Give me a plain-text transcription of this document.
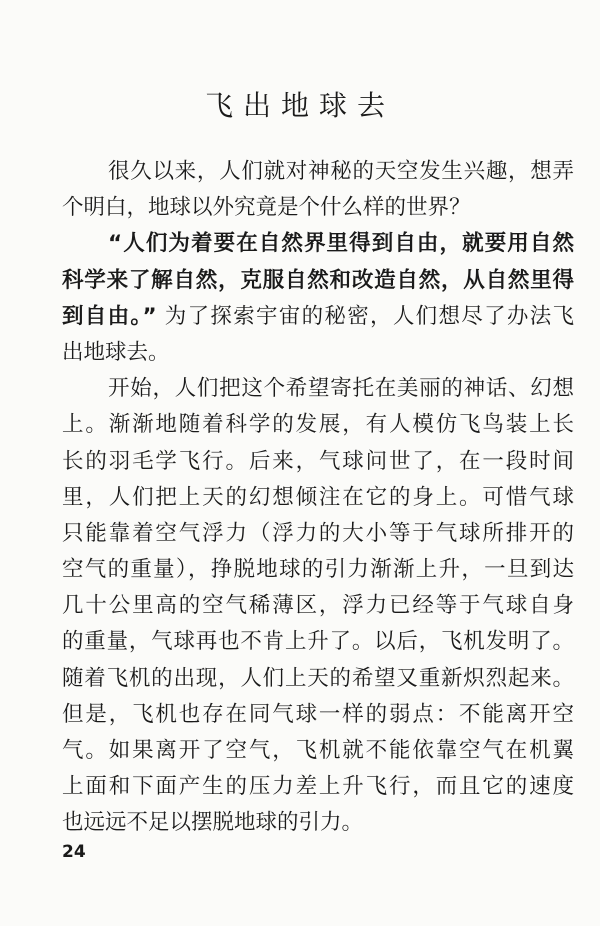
飞出地球去
很久以来，人们就对神秘的天空发生兴趣，想弄
个明白，地球以外究竟是个什么样的世界？
“人们为着要在自然界里得到自由，就要用自然
科学来了解自然，克服自然和改造自然，从自然里得
到自由。” 为了探索宇宙的秘密，人们想尽了办法飞
出地球去。
开始，人们把这个希望寄托在美丽的神话、幻想
上。渐渐地随着科学的发展，有人模仿飞鸟装上长
长的羽毛学飞行。后来，气球问世了，在一段时间
里，人们把上天的幻想倾注在它的身上。可惜气球
只能靠着空气浮力（浮力的大小等于气球所排开的
空气的重量），挣脱地球的引力渐渐上升，一旦到达
几十公里高的空气稀薄区，浮力已经等于气球自身
的重量，气球再也不肯上升了。以后，飞机发明了。
随着飞机的出现，人们上天的希望又重新炽烈起来。
但是，飞机也存在同气球一样的弱点：不能离开空
气。如果离开了空气，飞机就不能依靠空气在机翼
上面和下面产生的压力差上升飞行，而且它的速度
也远远不足以摆脱地球的引力。
24
